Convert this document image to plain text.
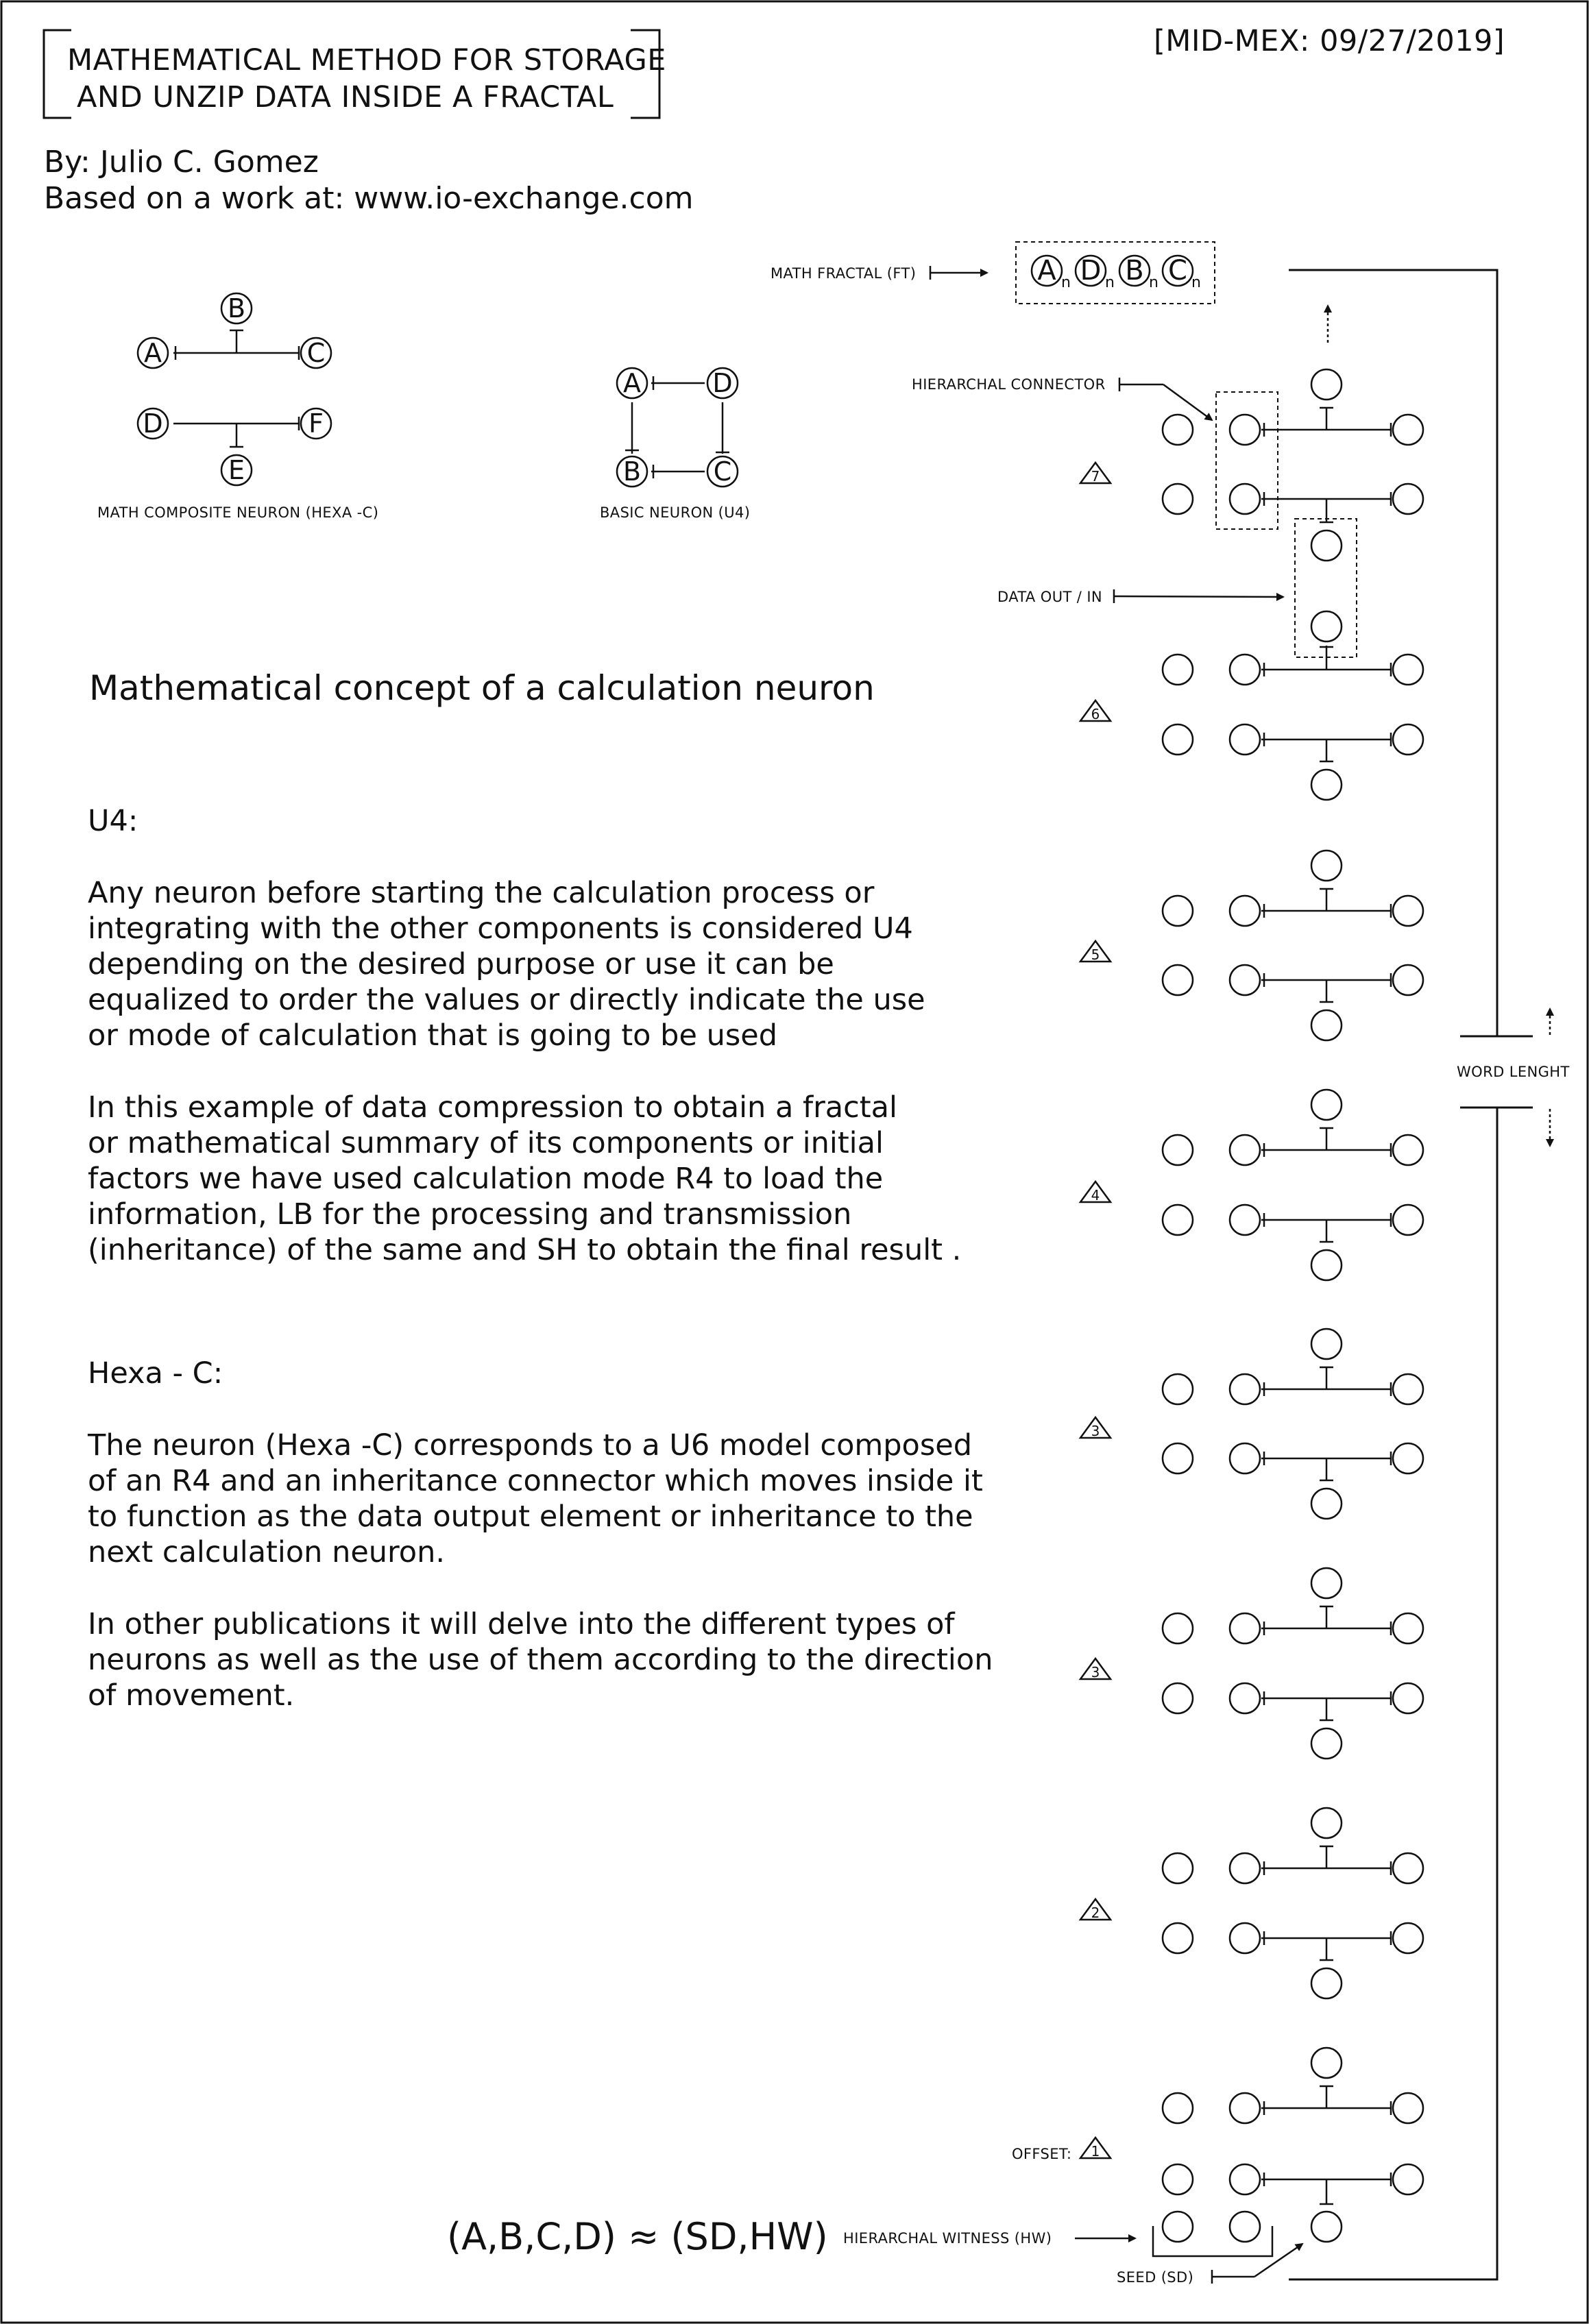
MATHEMATICAL METHOD FOR STORAGE
AND UNZIP DATA INSIDE A FRACTAL
[MID-MEX: 09/27/2019]
By: Julio C. Gomez
Based on a work at: www.io-exchange.com
A
B
C
D
E
F
MATH COMPOSITE NEURON (HEXA -C)
A	D
B	C
BASIC NEURON (U4)
MATH FRACTAL (FT)	A n D n B n C n
HIERARCHAL CONNECTOR
DATA OUT / IN
WORD LENGHT
OFFSET:
HIERARCHAL WITNESS (HW)
SEED (SD)
7
6
5
4
3
3
2
1
Mathematical concept of a calculation neuron
U4:

Any neuron before starting the calculation process or

integrating with the other components is considered U4

depending on the desired purpose or use it can be

equalized to order the values or directly indicate the use

or mode of calculation that is going to be used

In this example of data compression to obtain a fractal

or mathematical summary of its components or initial

factors we have used calculation mode R4 to load the

information, LB for the processing and transmission

(inheritance) of the same and SH to obtain the final result .

Hexa - C:

The neuron (Hexa -C) corresponds to a U6 model composed

of an R4 and an inheritance connector which moves inside it

to function as the data output element or inheritance to the

next calculation neuron.

In other publications it will delve into the different types of

neurons as well as the use of them according to the direction

of movement.

(A,B,C,D) ≈ (SD,HW)
